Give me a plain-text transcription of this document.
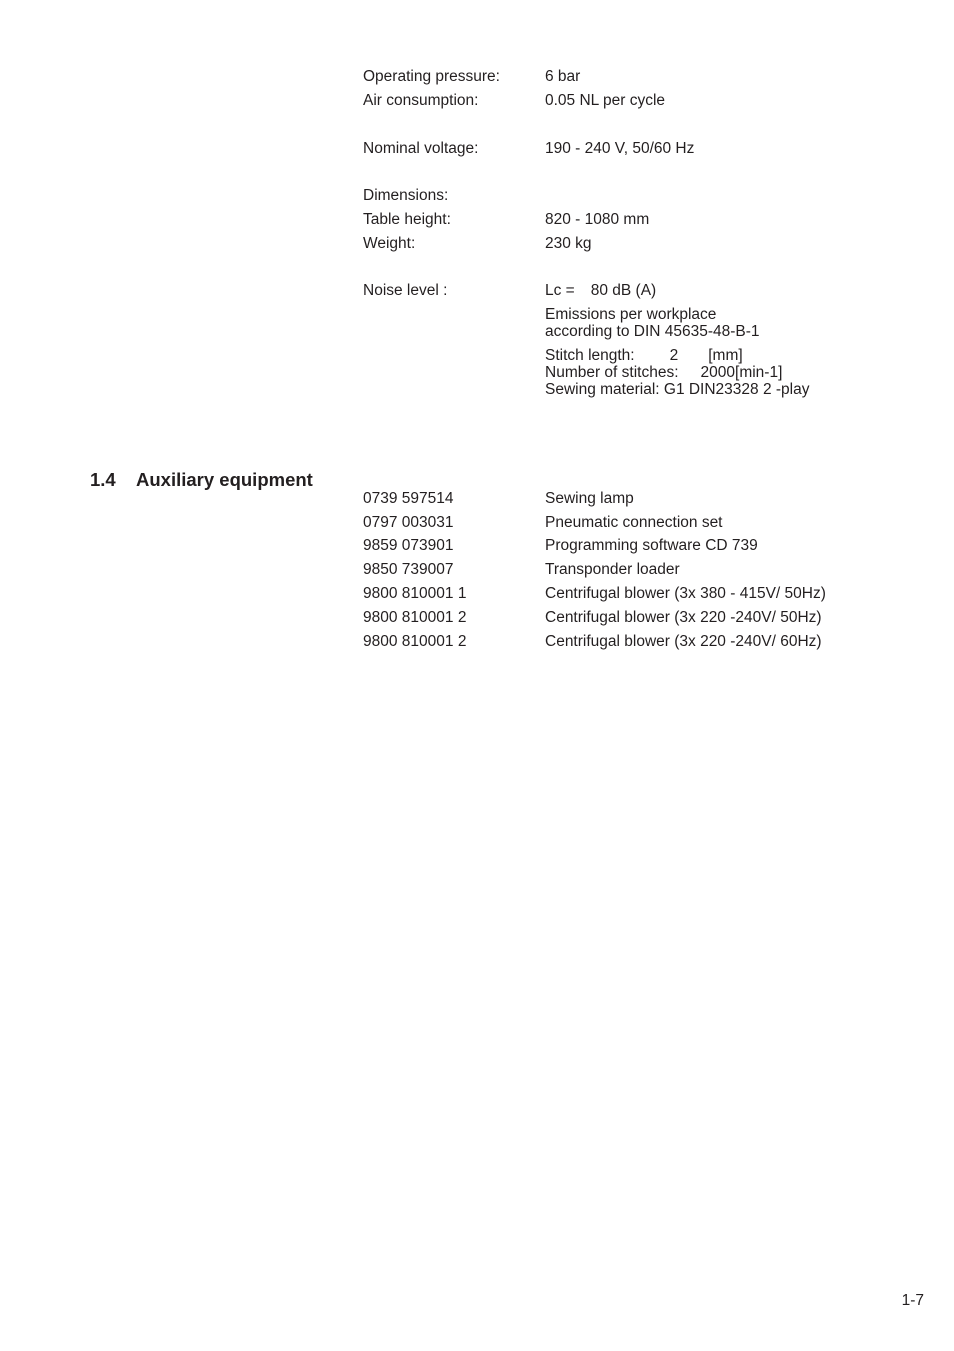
Operating pressure:	6 bar
Air consumption:	0.05 NL per cycle
Nominal voltage:	190 - 240 V, 50/60 Hz
Dimensions:
Table height:	820 - 1080 mm
Weight:	230 kg
Noise level :	Lc = 80 dB (A)
Emissions per workplace
according to DIN 45635-48-B-1
Stitch length: 2 [mm]
Number of stitches: 2000[min-1]
Sewing material: G1 DIN23328 2 -play
1.4 Auxiliary equipment
0739 597514	Sewing lamp
0797 003031	Pneumatic connection set
9859 073901	Programming software CD 739
9850 739007	Transponder loader
9800 810001 1	Centrifugal blower (3x 380 - 415V/ 50Hz)
9800 810001 2	Centrifugal blower (3x 220 -240V/ 50Hz)
9800 810001 2	Centrifugal blower (3x 220 -240V/ 60Hz)
1-7
